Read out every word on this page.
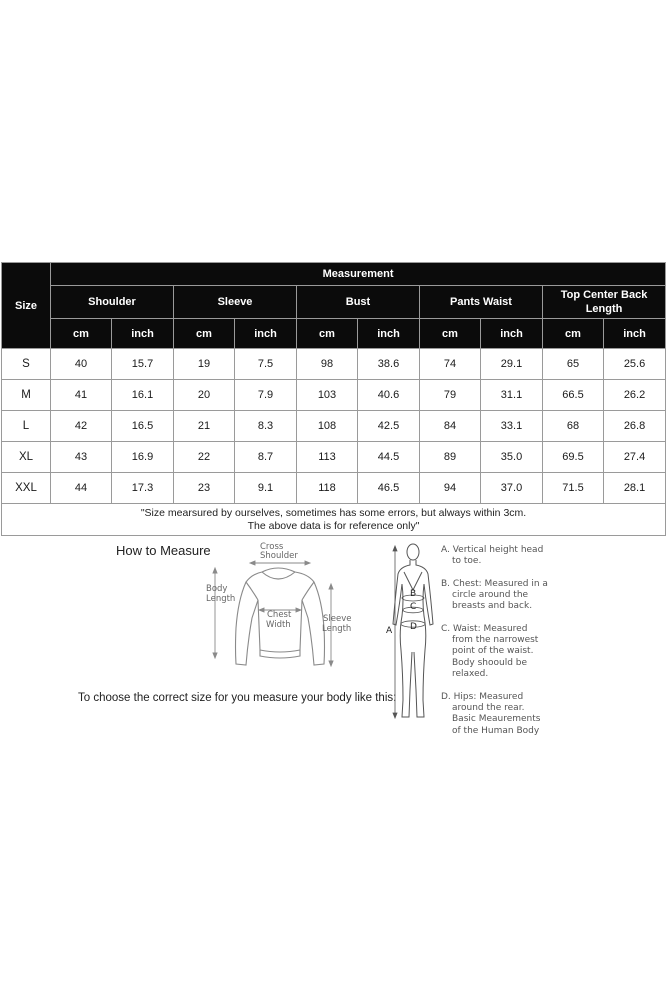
Size	Measurement									
	Shoulder		Sleeve		Bust		Pants Waist		Top Center Back Length	
	cm	inch	cm	inch	cm	inch	cm	inch	cm	inch
S	40	15.7	19	7.5	98	38.6	74	29.1	65	25.6
M	41	16.1	20	7.9	103	40.6	79	31.1	66.5	26.2
L	42	16.5	21	8.3	108	42.5	84	33.1	68	26.8
XL	43	16.9	22	8.7	113	44.5	89	35.0	69.5	27.4
XXL	44	17.3	23	9.1	118	46.5	94	37.0	71.5	28.1
"Size mearsured by ourselves, sometimes has some errors, but always within 3cm.
The above data is for reference only"										
How to Measure	Cross
Shoulder
Body
Length
Chest
Width
Sleeve
Length
To choose the correct size for you measure your body like this:
A
B
C
D
A. Vertical height head
to toe.
B. Chest: Measured in a
circle around the
breasts and back.
C. Waist: Measured
from the narrowest
point of the waist.
Body shoould be
relaxed.
D. Hips: Measured
around the rear.
Basic Meaurements
of the Human Body
